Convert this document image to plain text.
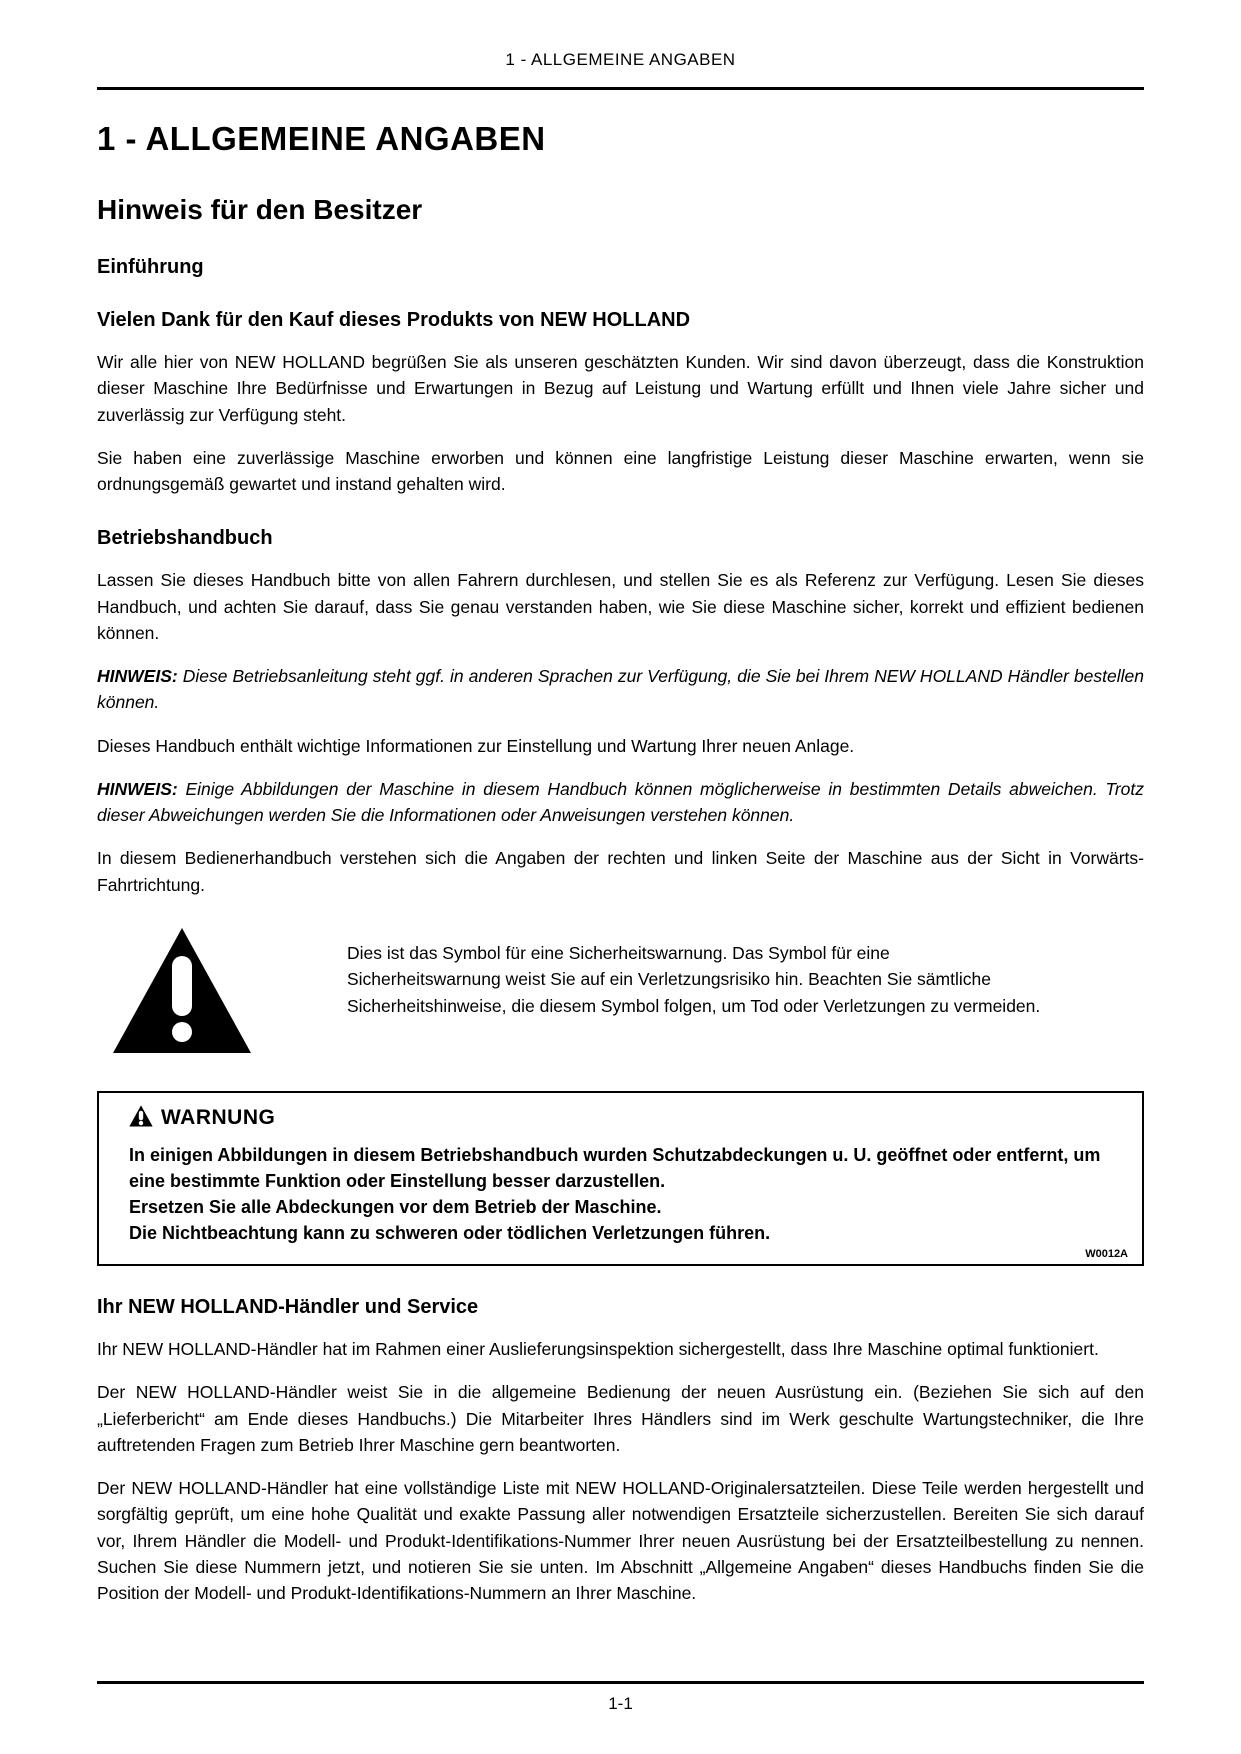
1 - ALLGEMEINE ANGABEN
1 - ALLGEMEINE ANGABEN
Hinweis für den Besitzer
Einführung
Vielen Dank für den Kauf dieses Produkts von NEW HOLLAND

Wir alle hier von NEW HOLLAND begrüßen Sie als unseren geschätzten Kunden. Wir sind davon überzeugt, dass die Konstruktion dieser Maschine Ihre Bedürfnisse und Erwartungen in Bezug auf Leistung und Wartung erfüllt und Ihnen viele Jahre sicher und zuverlässig zur Verfügung steht.

Sie haben eine zuverlässige Maschine erworben und können eine langfristige Leistung dieser Maschine erwarten, wenn sie ordnungsgemäß gewartet und instand gehalten wird.

Betriebshandbuch

Lassen Sie dieses Handbuch bitte von allen Fahrern durchlesen, und stellen Sie es als Referenz zur Verfügung. Lesen Sie dieses Handbuch, und achten Sie darauf, dass Sie genau verstanden haben, wie Sie diese Maschine sicher, korrekt und effizient bedienen können.

HINWEIS: Diese Betriebsanleitung steht ggf. in anderen Sprachen zur Verfügung, die Sie bei Ihrem NEW HOLLAND Händler bestellen können.

Dieses Handbuch enthält wichtige Informationen zur Einstellung und Wartung Ihrer neuen Anlage.

HINWEIS: Einige Abbildungen der Maschine in diesem Handbuch können möglicherweise in bestimmten Details abweichen. Trotz dieser Abweichungen werden Sie die Informationen oder Anweisungen verstehen können.

In diesem Bedienerhandbuch verstehen sich die Angaben der rechten und linken Seite der Maschine aus der Sicht in Vorwärts-Fahrtrichtung.

Dies ist das Symbol für eine Sicherheitswarnung. Das Symbol für eine Sicherheitswarnung weist Sie auf ein Verletzungsrisiko hin. Beachten Sie sämtliche Sicherheitshinweise, die diesem Symbol folgen, um Tod oder Verletzungen zu vermeiden.
WARNUNG

In einigen Abbildungen in diesem Betriebshandbuch wurden Schutzabdeckungen u. U. geöffnet oder entfernt, um eine bestimmte Funktion oder Einstellung besser darzustellen.

Ersetzen Sie alle Abdeckungen vor dem Betrieb der Maschine.

Die Nichtbeachtung kann zu schweren oder tödlichen Verletzungen führen.

W0012A
Ihr NEW HOLLAND-Händler und Service

Ihr NEW HOLLAND-Händler hat im Rahmen einer Auslieferungsinspektion sichergestellt, dass Ihre Maschine optimal funktioniert.

Der NEW HOLLAND-Händler weist Sie in die allgemeine Bedienung der neuen Ausrüstung ein. (Beziehen Sie sich auf den „Lieferbericht“ am Ende dieses Handbuchs.) Die Mitarbeiter Ihres Händlers sind im Werk geschulte Wartungstechniker, die Ihre auftretenden Fragen zum Betrieb Ihrer Maschine gern beantworten.

Der NEW HOLLAND-Händler hat eine vollständige Liste mit NEW HOLLAND-Originalersatzteilen. Diese Teile werden hergestellt und sorgfältig geprüft, um eine hohe Qualität und exakte Passung aller notwendigen Ersatzteile sicherzustellen. Bereiten Sie sich darauf vor, Ihrem Händler die Modell- und Produkt-Identifikations-Nummer Ihrer neuen Ausrüstung bei der Ersatzteilbestellung zu nennen. Suchen Sie diese Nummern jetzt, und notieren Sie sie unten. Im Abschnitt „Allgemeine Angaben“ dieses Handbuchs finden Sie die Position der Modell- und Produkt-Identifikations-Nummern an Ihrer Maschine.

1-1
